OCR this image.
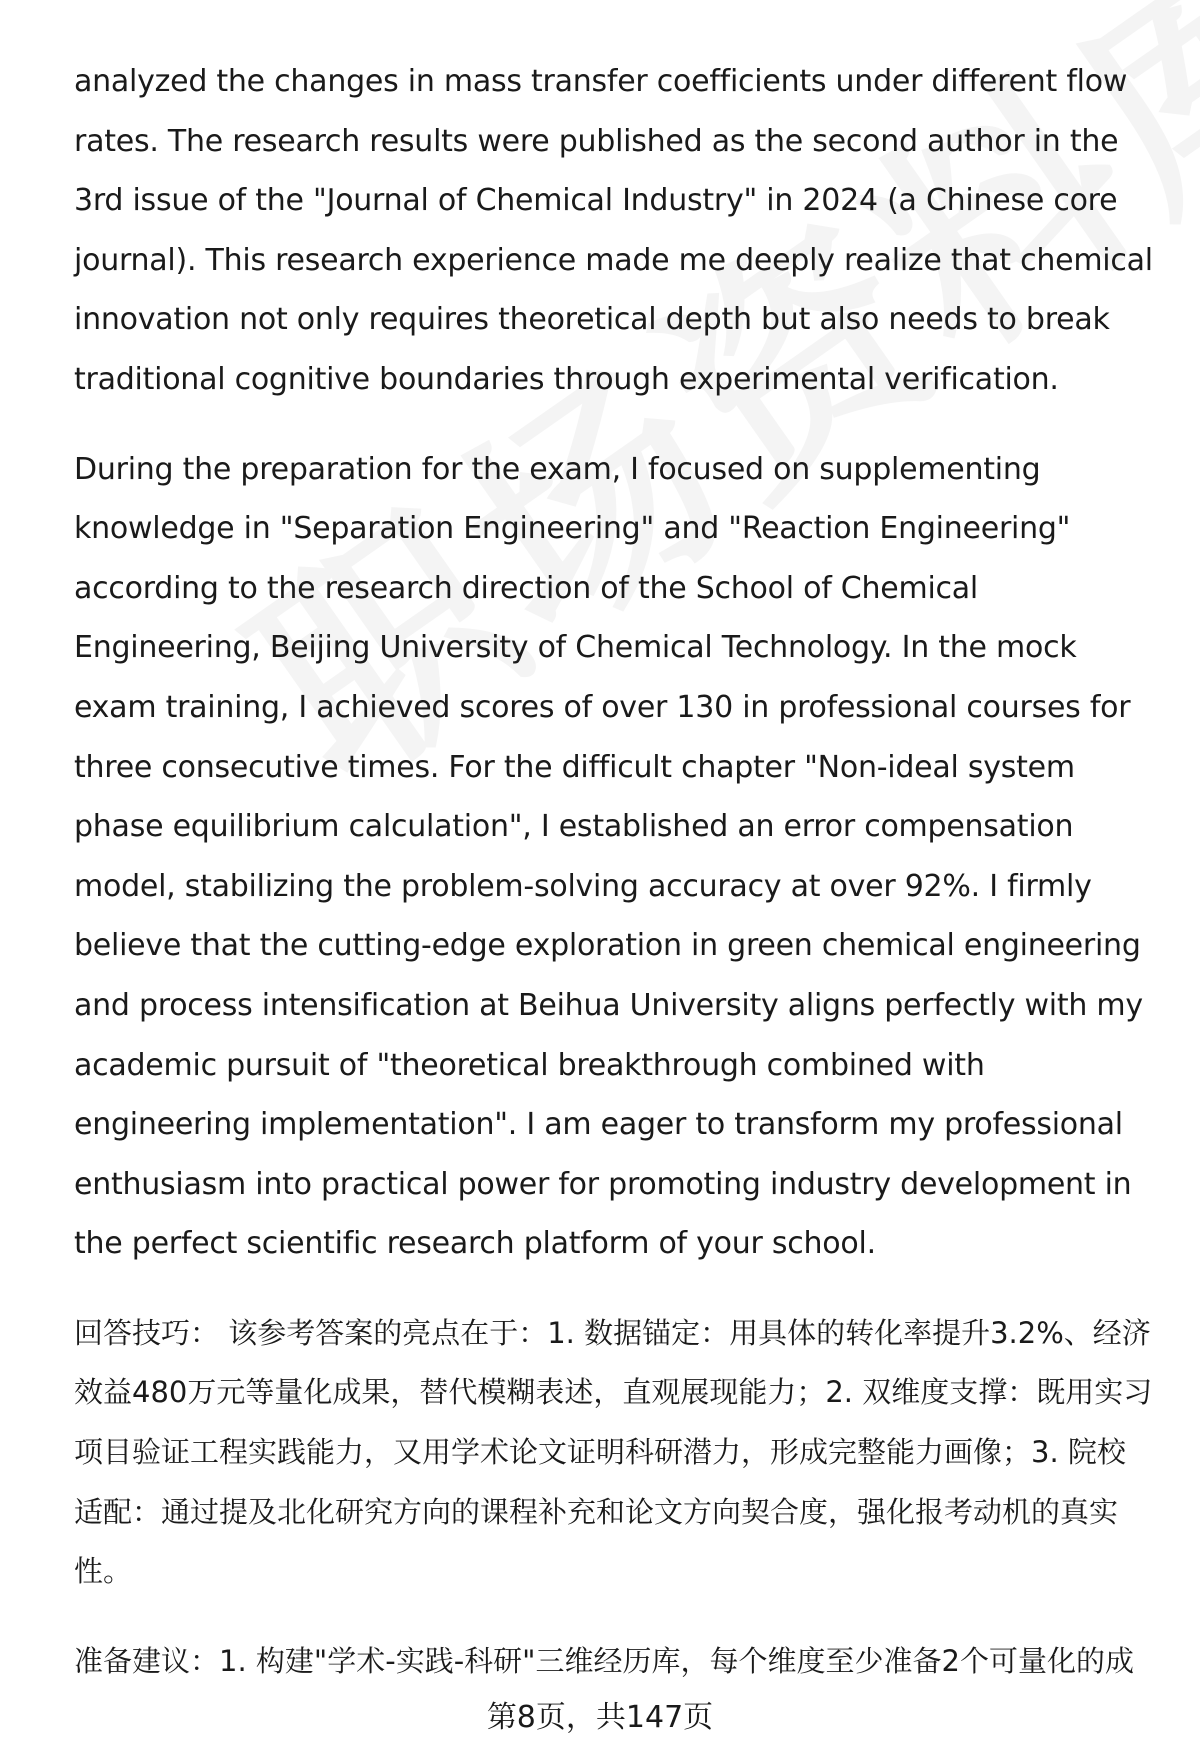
analyzed the changes in mass transfer coefficients under different flow rates. The research results were published as the second author in the 3rd issue of the "Journal of Chemical Industry" in 2024 (a Chinese core journal). This research experience made me deeply realize that chemical innovation not only requires theoretical depth but also needs to break traditional cognitive boundaries through experimental verification.

During the preparation for the exam, I focused on supplementing knowledge in "Separation Engineering" and "Reaction Engineering" according to the research direction of the School of Chemical Engineering, Beijing University of Chemical Technology. In the mock exam training, I achieved scores of over 130 in professional courses for three consecutive times. For the difficult chapter "Non-ideal system phase equilibrium calculation", I established an error compensation model, stabilizing the problem-solving accuracy at over 92%. I firmly believe that the cutting-edge exploration in green chemical engineering and process intensification at Beihua University aligns perfectly with my academic pursuit of "theoretical breakthrough combined with engineering implementation". I am eager to transform my professional enthusiasm into practical power for promoting industry development in the perfect scientific research platform of your school.

回答技巧： 该参考答案的亮点在于：1. 数据锚定：用具体的转化率提升3.2%、经济效益480万元等量化成果，替代模糊表述，直观展现能力；2. 双维度支撑：既用实习项目验证工程实践能力，又用学术论文证明科研潜力，形成完整能力画像；3. 院校适配：通过提及北化研究方向的课程补充和论文方向契合度，强化报考动机的真实性。

准备建议：1. 构建"学术-实践-科研"三维经历库，每个维度至少准备2个可量化的成

第8页，共147页
